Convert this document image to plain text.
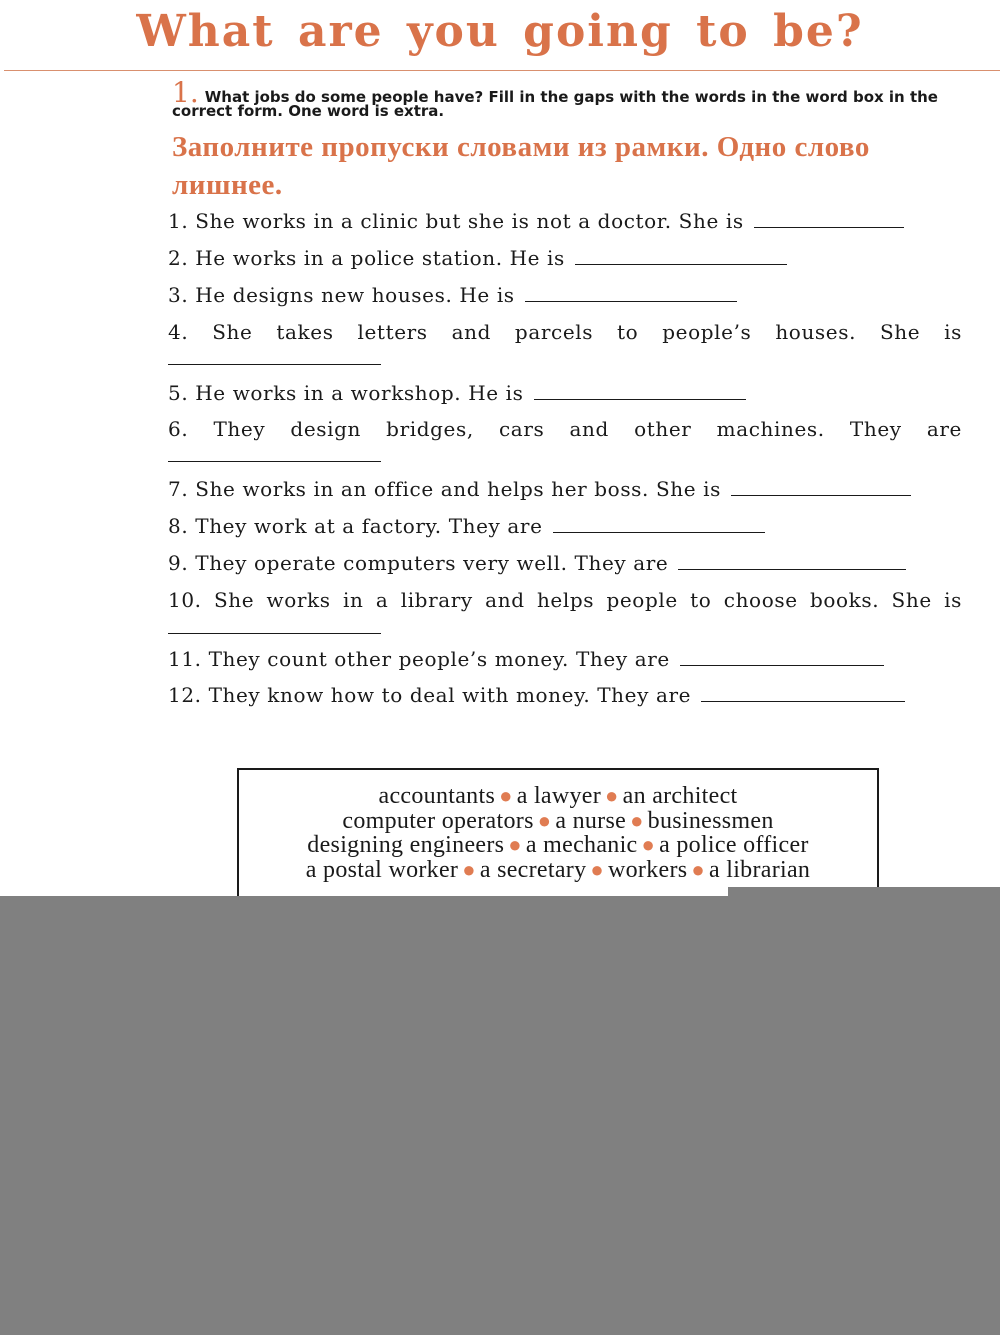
What are you going to be?
1. What jobs do some people have? Fill in the gaps with the words in the word box in the correct form. One word is extra.
Заполните пропуски словами из рамки. Одно слово лишнее.

1. She works in a clinic but she is not a doctor. She is

2. He works in a police station. He is

3. He designs new houses. He is

4. She takes letters and parcels to people’s houses. She is

5. He works in a workshop. He is

6. They design bridges, cars and other machines. They are

7. She works in an office and helps her boss. She is

8. They work at a factory. They are

9. They operate computers very well. They are

10. She works in a library and helps people to choose books. She is

11. They count other people’s money. They are

12. They know how to deal with money. They are

accountants ● a lawyer ● an architect
computer operators ● a nurse ● businessmen
designing engineers ● a mechanic ● a police officer
a postal worker ● a secretary ● workers ● a librarian
